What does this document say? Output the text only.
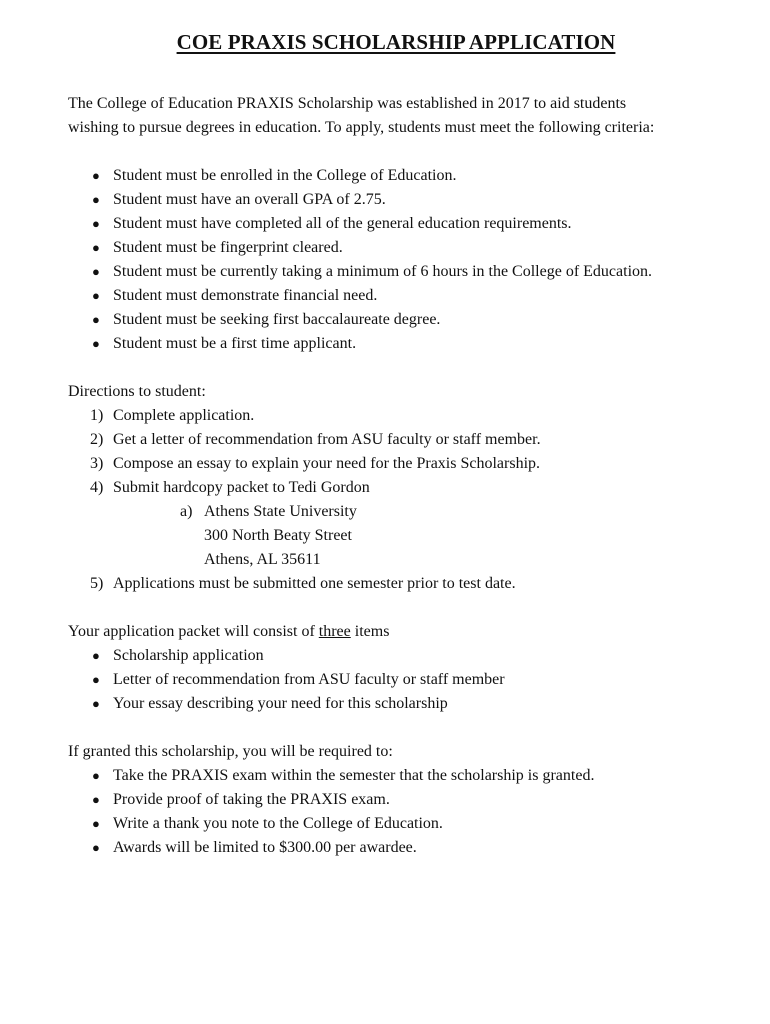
COE PRAXIS SCHOLARSHIP APPLICATION

The College of Education PRAXIS Scholarship was established in 2017 to aid students
wishing to pursue degrees in education. To apply, students must meet the following criteria:

● Student must be enrolled in the College of Education.
● Student must have an overall GPA of 2.75.
● Student must have completed all of the general education requirements.
● Student must be fingerprint cleared.
● Student must be currently taking a minimum of 6 hours in the College of Education.
● Student must demonstrate financial need.
● Student must be seeking first baccalaureate degree.
● Student must be a first time applicant.

Directions to student:

1) Complete application.
2) Get a letter of recommendation from ASU faculty or staff member.
3) Compose an essay to explain your need for the Praxis Scholarship.
4) Submit hardcopy packet to Tedi Gordon
a) Athens State University
300 North Beaty Street
Athens, AL 35611
5) Applications must be submitted one semester prior to test date.

Your application packet will consist of three items

● Scholarship application
● Letter of recommendation from ASU faculty or staff member
● Your essay describing your need for this scholarship

If granted this scholarship, you will be required to:

● Take the PRAXIS exam within the semester that the scholarship is granted.
● Provide proof of taking the PRAXIS exam.
● Write a thank you note to the College of Education.
● Awards will be limited to $300.00 per awardee.
